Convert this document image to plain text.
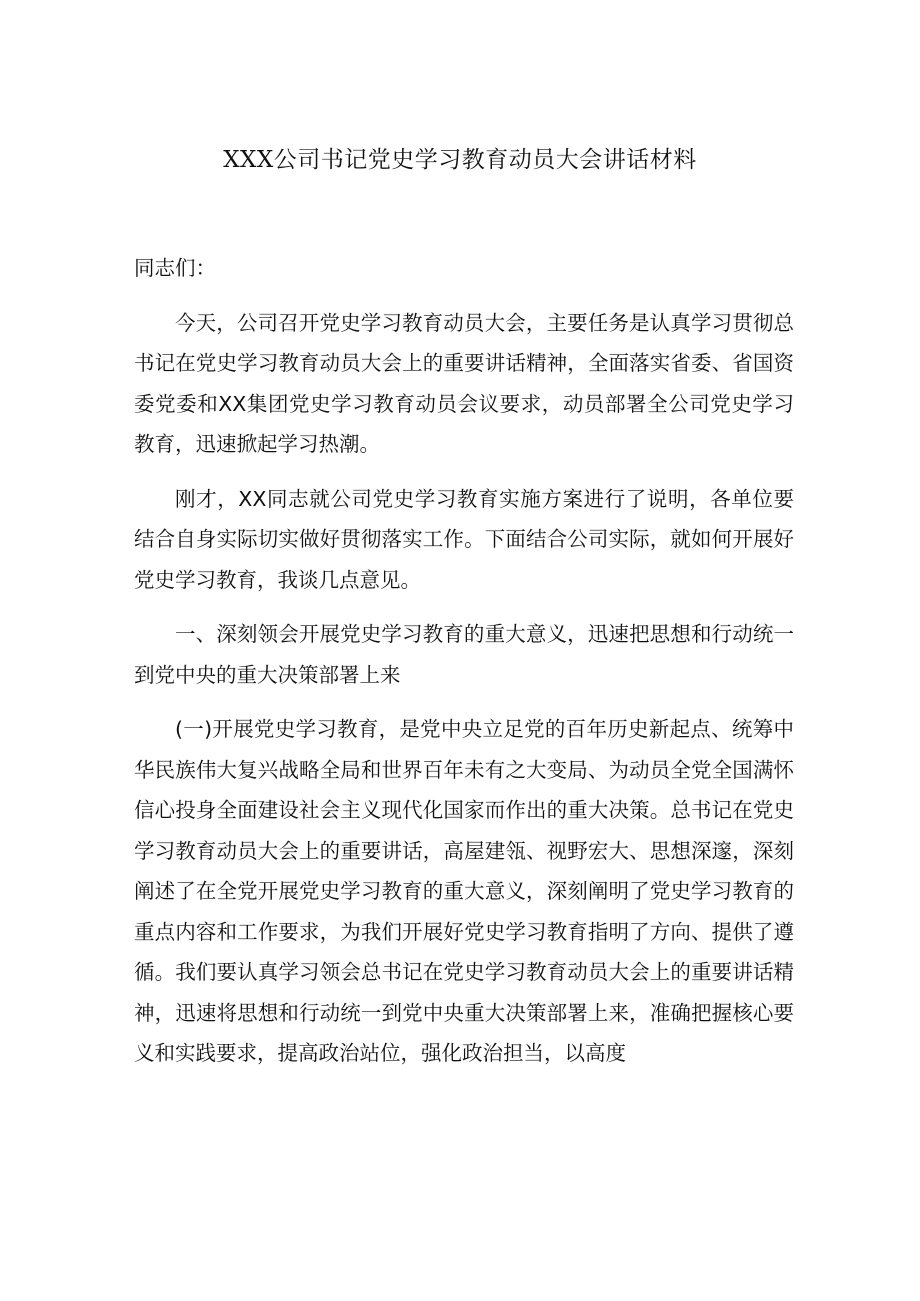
XXX公司书记党史学习教育动员大会讲话材料

同志们：

今天，公司召开党史学习教育动员大会，主要任务是认真学习贯彻总书记在党史学习教育动员大会上的重要讲话精神，全面落实省委、省国资委党委和XX集团党史学习教育动员会议要求，动员部署全公司党史学习教育，迅速掀起学习热潮。

刚才，XX同志就公司党史学习教育实施方案进行了说明，各单位要结合自身实际切实做好贯彻落实工作。下面结合公司实际，就如何开展好党史学习教育，我谈几点意见。

一、深刻领会开展党史学习教育的重大意义，迅速把思想和行动统一到党中央的重大决策部署上来

(一)开展党史学习教育，是党中央立足党的百年历史新起点、统筹中华民族伟大复兴战略全局和世界百年未有之大变局、为动员全党全国满怀信心投身全面建设社会主义现代化国家而作出的重大决策。总书记在党史学习教育动员大会上的重要讲话，高屋建瓴、视野宏大、思想深邃，深刻阐述了在全党开展党史学习教育的重大意义，深刻阐明了党史学习教育的重点内容和工作要求，为我们开展好党史学习教育指明了方向、提供了遵循。我们要认真学习领会总书记在党史学习教育动员大会上的重要讲话精神，迅速将思想和行动统一到党中央重大决策部署上来，准确把握核心要义和实践要求，提高政治站位，强化政治担当，以高度
